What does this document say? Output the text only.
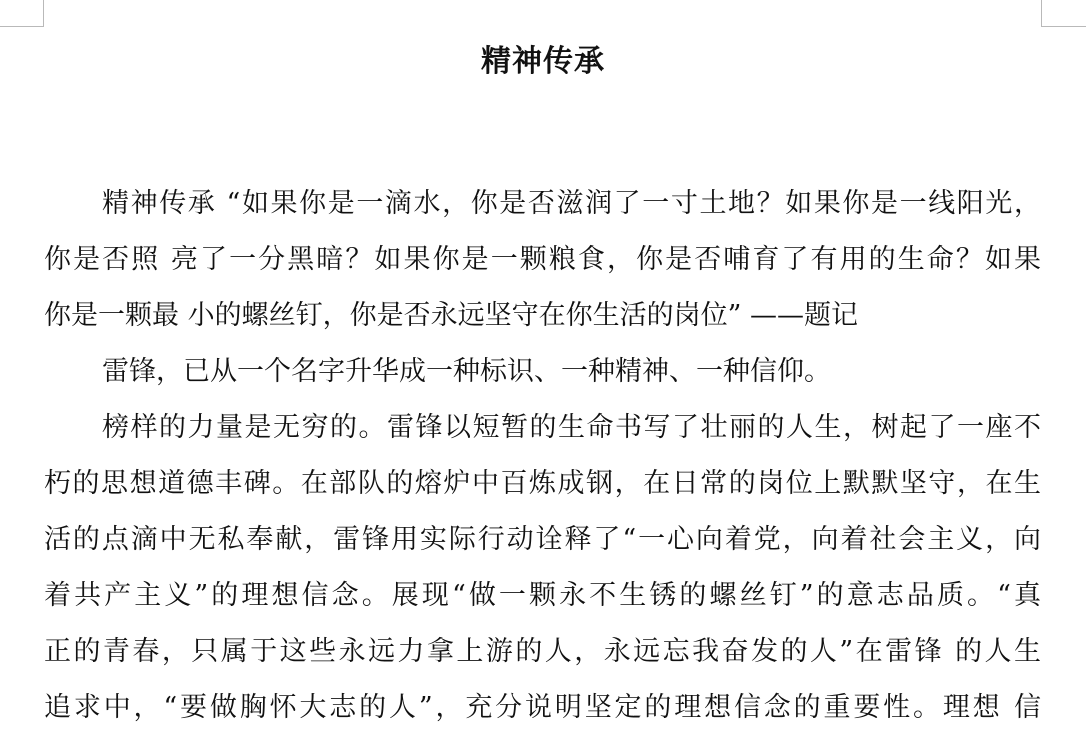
精神传承

精神传承 “如果你是一滴水，你是否滋润了一寸土地？如果你是一线阳光，

你是否照 亮了一分黑暗？如果你是一颗粮食，你是否哺育了有用的生命？如果

你是一颗最 小的螺丝钉，你是否永远坚守在你生活的岗位” ——题记

雷锋，已从一个名字升华成一种标识、一种精神、一种信仰。

榜样的力量是无穷的。雷锋以短暂的生命书写了壮丽的人生，树起了一座不

朽的思想道德丰碑。在部队的熔炉中百炼成钢，在日常的岗位上默默坚守，在生

活的点滴中无私奉献，雷锋用实际行动诠释了“一心向着党，向着社会主义，向

着共产主义”的理想信念。展现“做一颗永不生锈的螺丝钉”的意志品质。“真

正的青春，只属于这些永远力拿上游的人，永远忘我奋发的人”在雷锋 的人生

追求中，“要做胸怀大志的人”，充分说明坚定的理想信念的重要性。理想 信
